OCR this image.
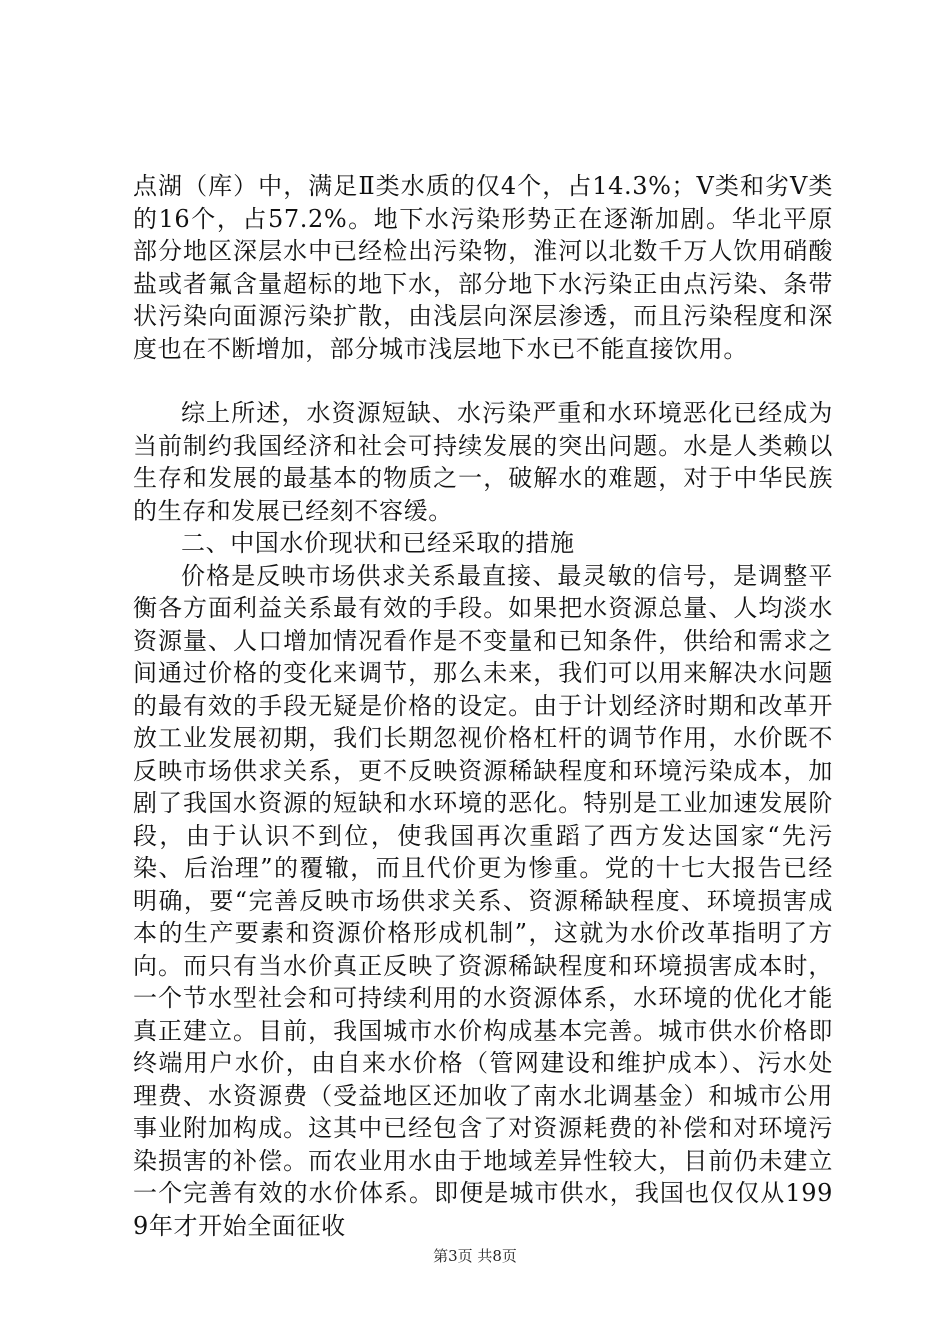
点湖（库）中，满足Ⅱ类水质的仅4个，占14.3%；Ⅴ类和劣Ⅴ类的16个，占57.2%。地下水污染形势正在逐渐加剧。华北平原部分地区深层水中已经检出污染物，淮河以北数千万人饮用硝酸盐或者氟含量超标的地下水，部分地下水污染正由点污染、条带状污染向面源污染扩散，由浅层向深层渗透，而且污染程度和深度也在不断增加，部分城市浅层地下水已不能直接饮用。

综上所述，水资源短缺、水污染严重和水环境恶化已经成为当前制约我国经济和社会可持续发展的突出问题。水是人类赖以生存和发展的最基本的物质之一，破解水的难题，对于中华民族的生存和发展已经刻不容缓。

二、中国水价现状和已经采取的措施

价格是反映市场供求关系最直接、最灵敏的信号，是调整平衡各方面利益关系最有效的手段。如果把水资源总量、人均淡水资源量、人口增加情况看作是不变量和已知条件，供给和需求之间通过价格的变化来调节，那么未来，我们可以用来解决水问题的最有效的手段无疑是价格的设定。由于计划经济时期和改革开放工业发展初期，我们长期忽视价格杠杆的调节作用，水价既不反映市场供求关系，更不反映资源稀缺程度和环境污染成本，加剧了我国水资源的短缺和水环境的恶化。特别是工业加速发展阶段，由于认识不到位，使我国再次重蹈了西方发达国家“先污染、后治理”的覆辙，而且代价更为惨重。党的十七大报告已经明确，要“完善反映市场供求关系、资源稀缺程度、环境损害成本的生产要素和资源价格形成机制”，这就为水价改革指明了方向。而只有当水价真正反映了资源稀缺程度和环境损害成本时，一个节水型社会和可持续利用的水资源体系，水环境的优化才能真正建立。目前，我国城市水价构成基本完善。城市供水价格即终端用户水价，由自来水价格（管网建设和维护成本）、污水处理费、水资源费（受益地区还加收了南水北调基金）和城市公用事业附加构成。这其中已经包含了对资源耗费的补偿和对环境污染损害的补偿。而农业用水由于地域差异性较大，目前仍未建立一个完善有效的水价体系。即便是城市供水，我国也仅仅从1999年才开始全面征收

第3页 共8页
